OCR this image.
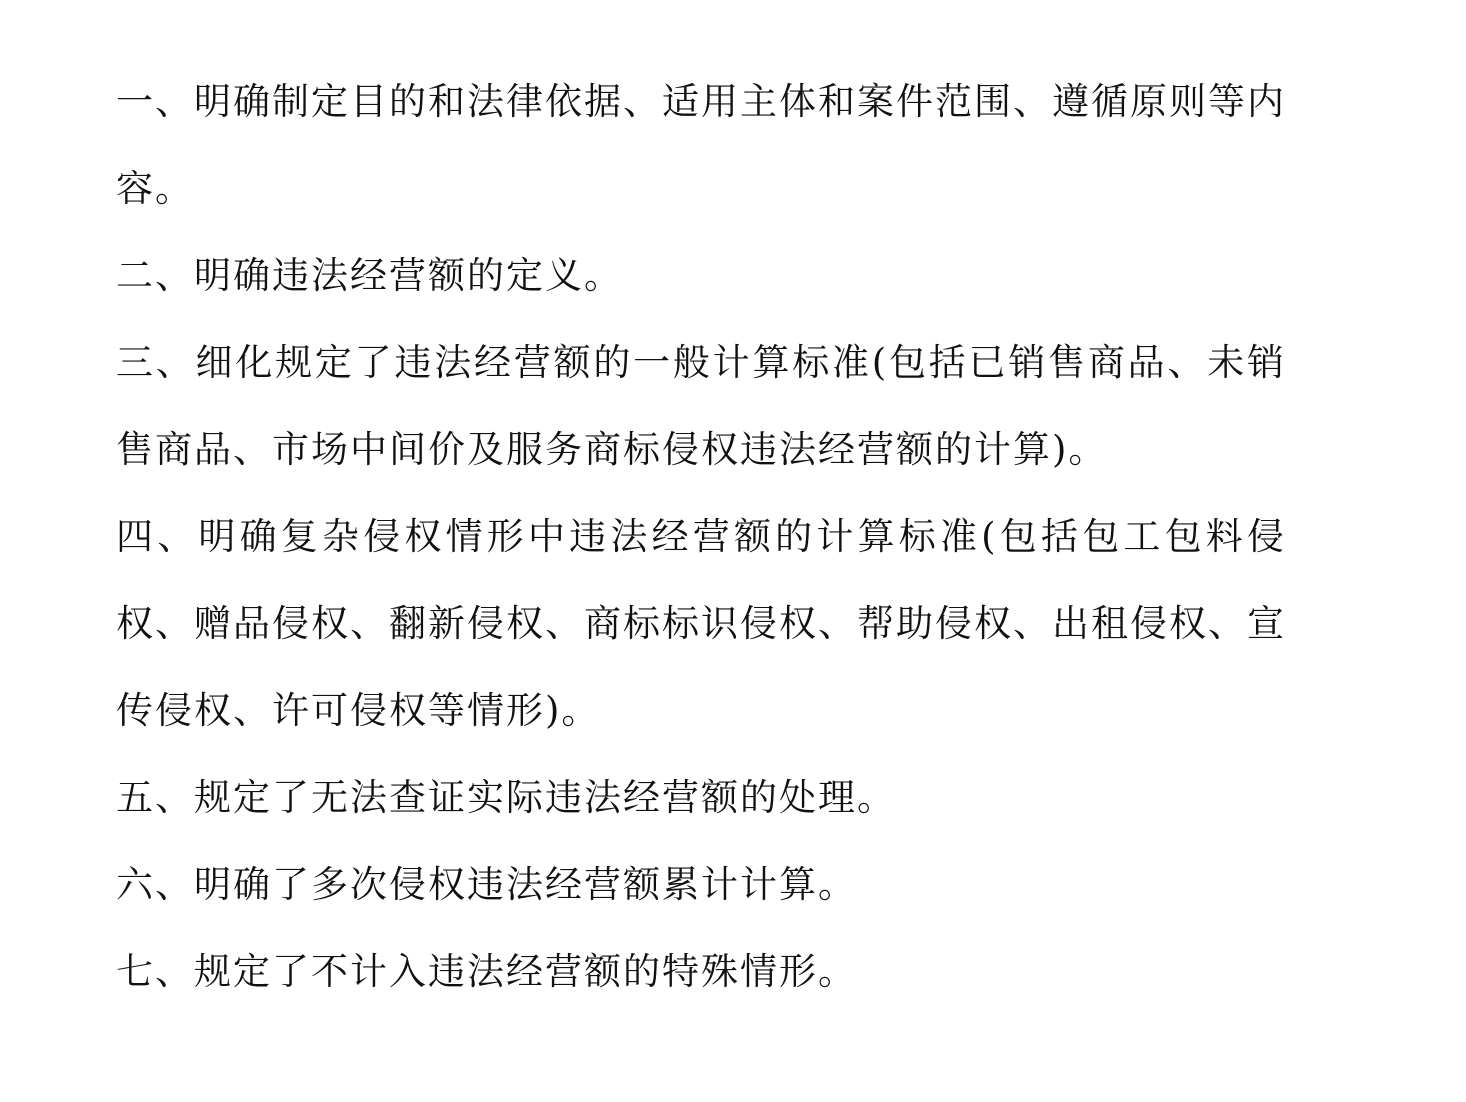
一、明确制定目的和法律依据、适用主体和案件范围、遵循原则等内容。

二、明确违法经营额的定义。

三、细化规定了违法经营额的一般计算标准(包括已销售商品、未销售商品、市场中间价及服务商标侵权违法经营额的计算)。

四、明确复杂侵权情形中违法经营额的计算标准(包括包工包料侵权、赠品侵权、翻新侵权、商标标识侵权、帮助侵权、出租侵权、宣传侵权、许可侵权等情形)。

五、规定了无法查证实际违法经营额的处理。

六、明确了多次侵权违法经营额累计计算。

七、规定了不计入违法经营额的特殊情形。
